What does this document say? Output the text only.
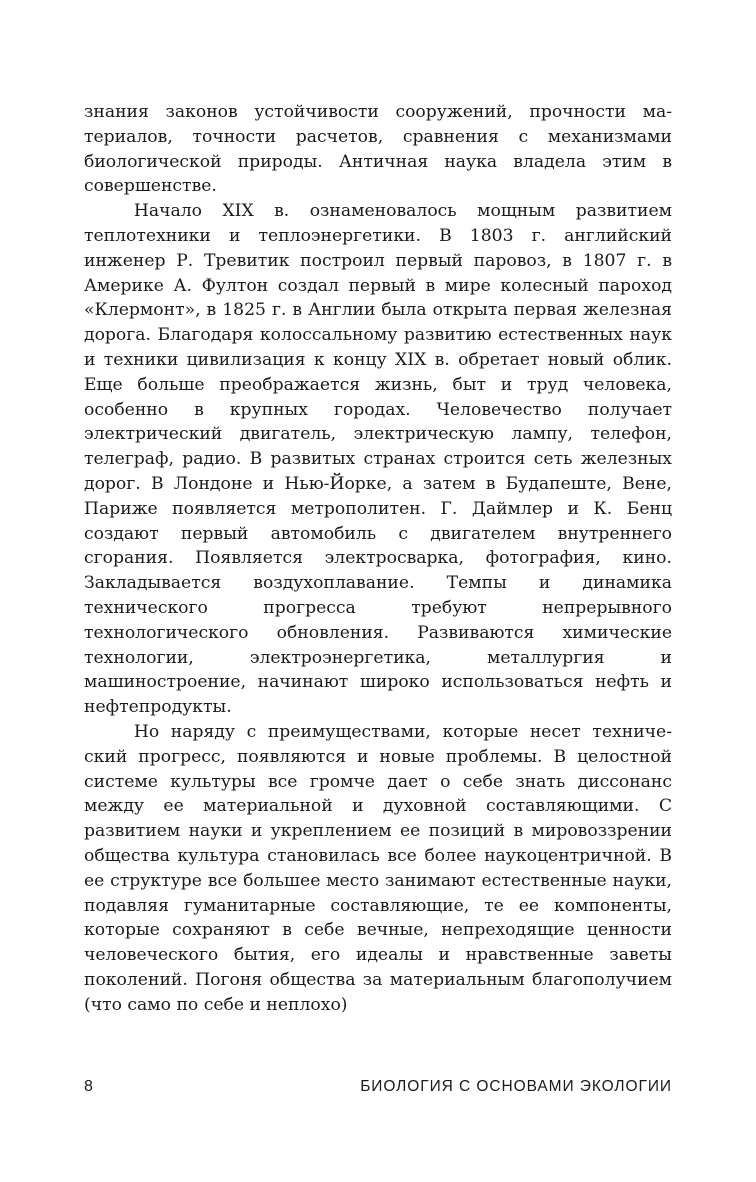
знания законов устойчивости сооружений, прочности материалов, точности расчетов, сравнения с механизмами биологической природы. Античная наука владела этим в совершенстве.

Начало XIX в. ознаменовалось мощным развитием теплотехники и теплоэнергетики. В 1803 г. английский инженер Р. Тревитик построил первый паровоз, в 1807 г. в Америке А. Фултон создал первый в мире колесный пароход «Клермонт», в 1825 г. в Англии была открыта первая железная дорога. Благодаря колоссальному развитию естественных наук и техники цивилизация к концу XIX в. обретает новый облик. Еще больше преображается жизнь, быт и труд человека, особенно в крупных городах. Человечество получает электрический двигатель, электрическую лампу, телефон, телеграф, радио. В развитых странах строится сеть железных дорог. В Лондоне и Нью-Йорке, а затем в Будапеште, Вене, Париже появляется метрополитен. Г. Даймлер и К. Бенц создают первый автомобиль с двигателем внутреннего сгорания. Появляется электросварка, фотография, кино. Закладывается воздухоплавание. Темпы и динамика технического прогресса требуют непрерывного технологического обновления. Развиваются химические технологии, электроэнергетика, металлургия и машиностроение, начинают широко использоваться нефть и нефтепродукты.

Но наряду с преимуществами, которые несет технический прогресс, появляются и новые проблемы. В целостной системе культуры все громче дает о себе знать диссонанс между ее материальной и духовной составляющими. С развитием науки и укреплением ее позиций в мировоззрении общества культура становилась все более наукоцентричной. В ее структуре все большее место занимают естественные науки, подавляя гуманитарные составляющие, те ее компоненты, которые сохраняют в себе вечные, непреходящие ценности человеческого бытия, его идеалы и нравственные заветы поколений. Погоня общества за материальным благополучием (что само по себе и неплохо)

8	БИОЛОГИЯ С ОСНОВАМИ ЭКОЛОГИИ
